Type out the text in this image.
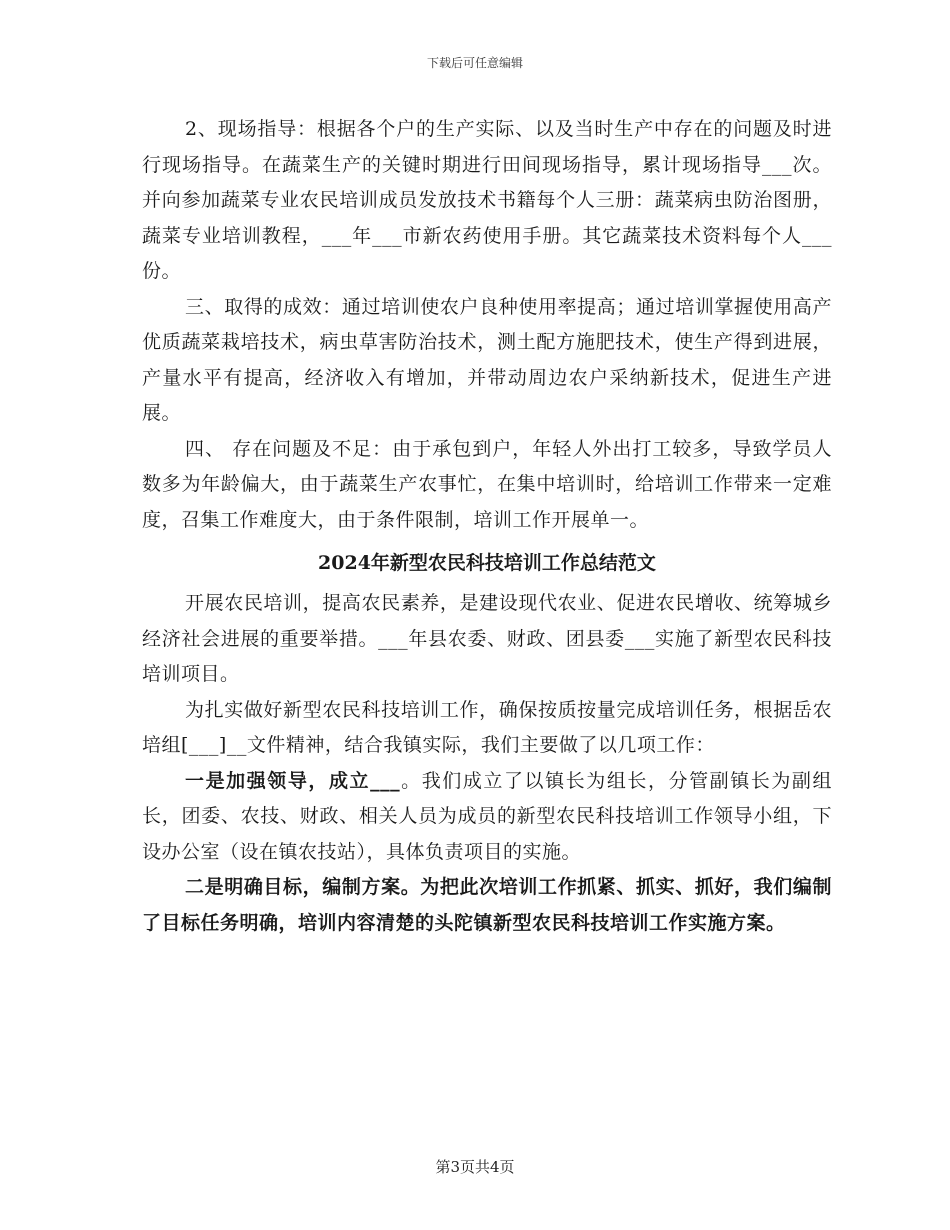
下载后可任意编辑

2、现场指导：根据各个户的生产实际、以及当时生产中存在的问题及时进行现场指导。在蔬菜生产的关键时期进行田间现场指导，累计现场指导___次。并向参加蔬菜专业农民培训成员发放技术书籍每个人三册：蔬菜病虫防治图册，蔬菜专业培训教程，___年___市新农药使用手册。其它蔬菜技术资料每个人___份。

三、取得的成效：通过培训使农户良种使用率提高；通过培训掌握使用高产优质蔬菜栽培技术，病虫草害防治技术，测土配方施肥技术，使生产得到进展，产量水平有提高，经济收入有增加，并带动周边农户采纳新技术，促进生产进展。

四、 存在问题及不足：由于承包到户，年轻人外出打工较多，导致学员人数多为年龄偏大，由于蔬菜生产农事忙，在集中培训时，给培训工作带来一定难度，召集工作难度大，由于条件限制，培训工作开展单一。

2024年新型农民科技培训工作总结范文

开展农民培训，提高农民素养，是建设现代农业、促进农民增收、统筹城乡经济社会进展的重要举措。___年县农委、财政、团县委___实施了新型农民科技培训项目。

为扎实做好新型农民科技培训工作，确保按质按量完成培训任务，根据岳农培组[___]__文件精神，结合我镇实际，我们主要做了以几项工作：

一是加强领导，成立___。我们成立了以镇长为组长，分管副镇长为副组长，团委、农技、财政、相关人员为成员的新型农民科技培训工作领导小组，下设办公室（设在镇农技站），具体负责项目的实施。

二是明确目标，编制方案。为把此次培训工作抓紧、抓实、抓好，我们编制了目标任务明确，培训内容清楚的头陀镇新型农民科技培训工作实施方案。

第3页共4页
